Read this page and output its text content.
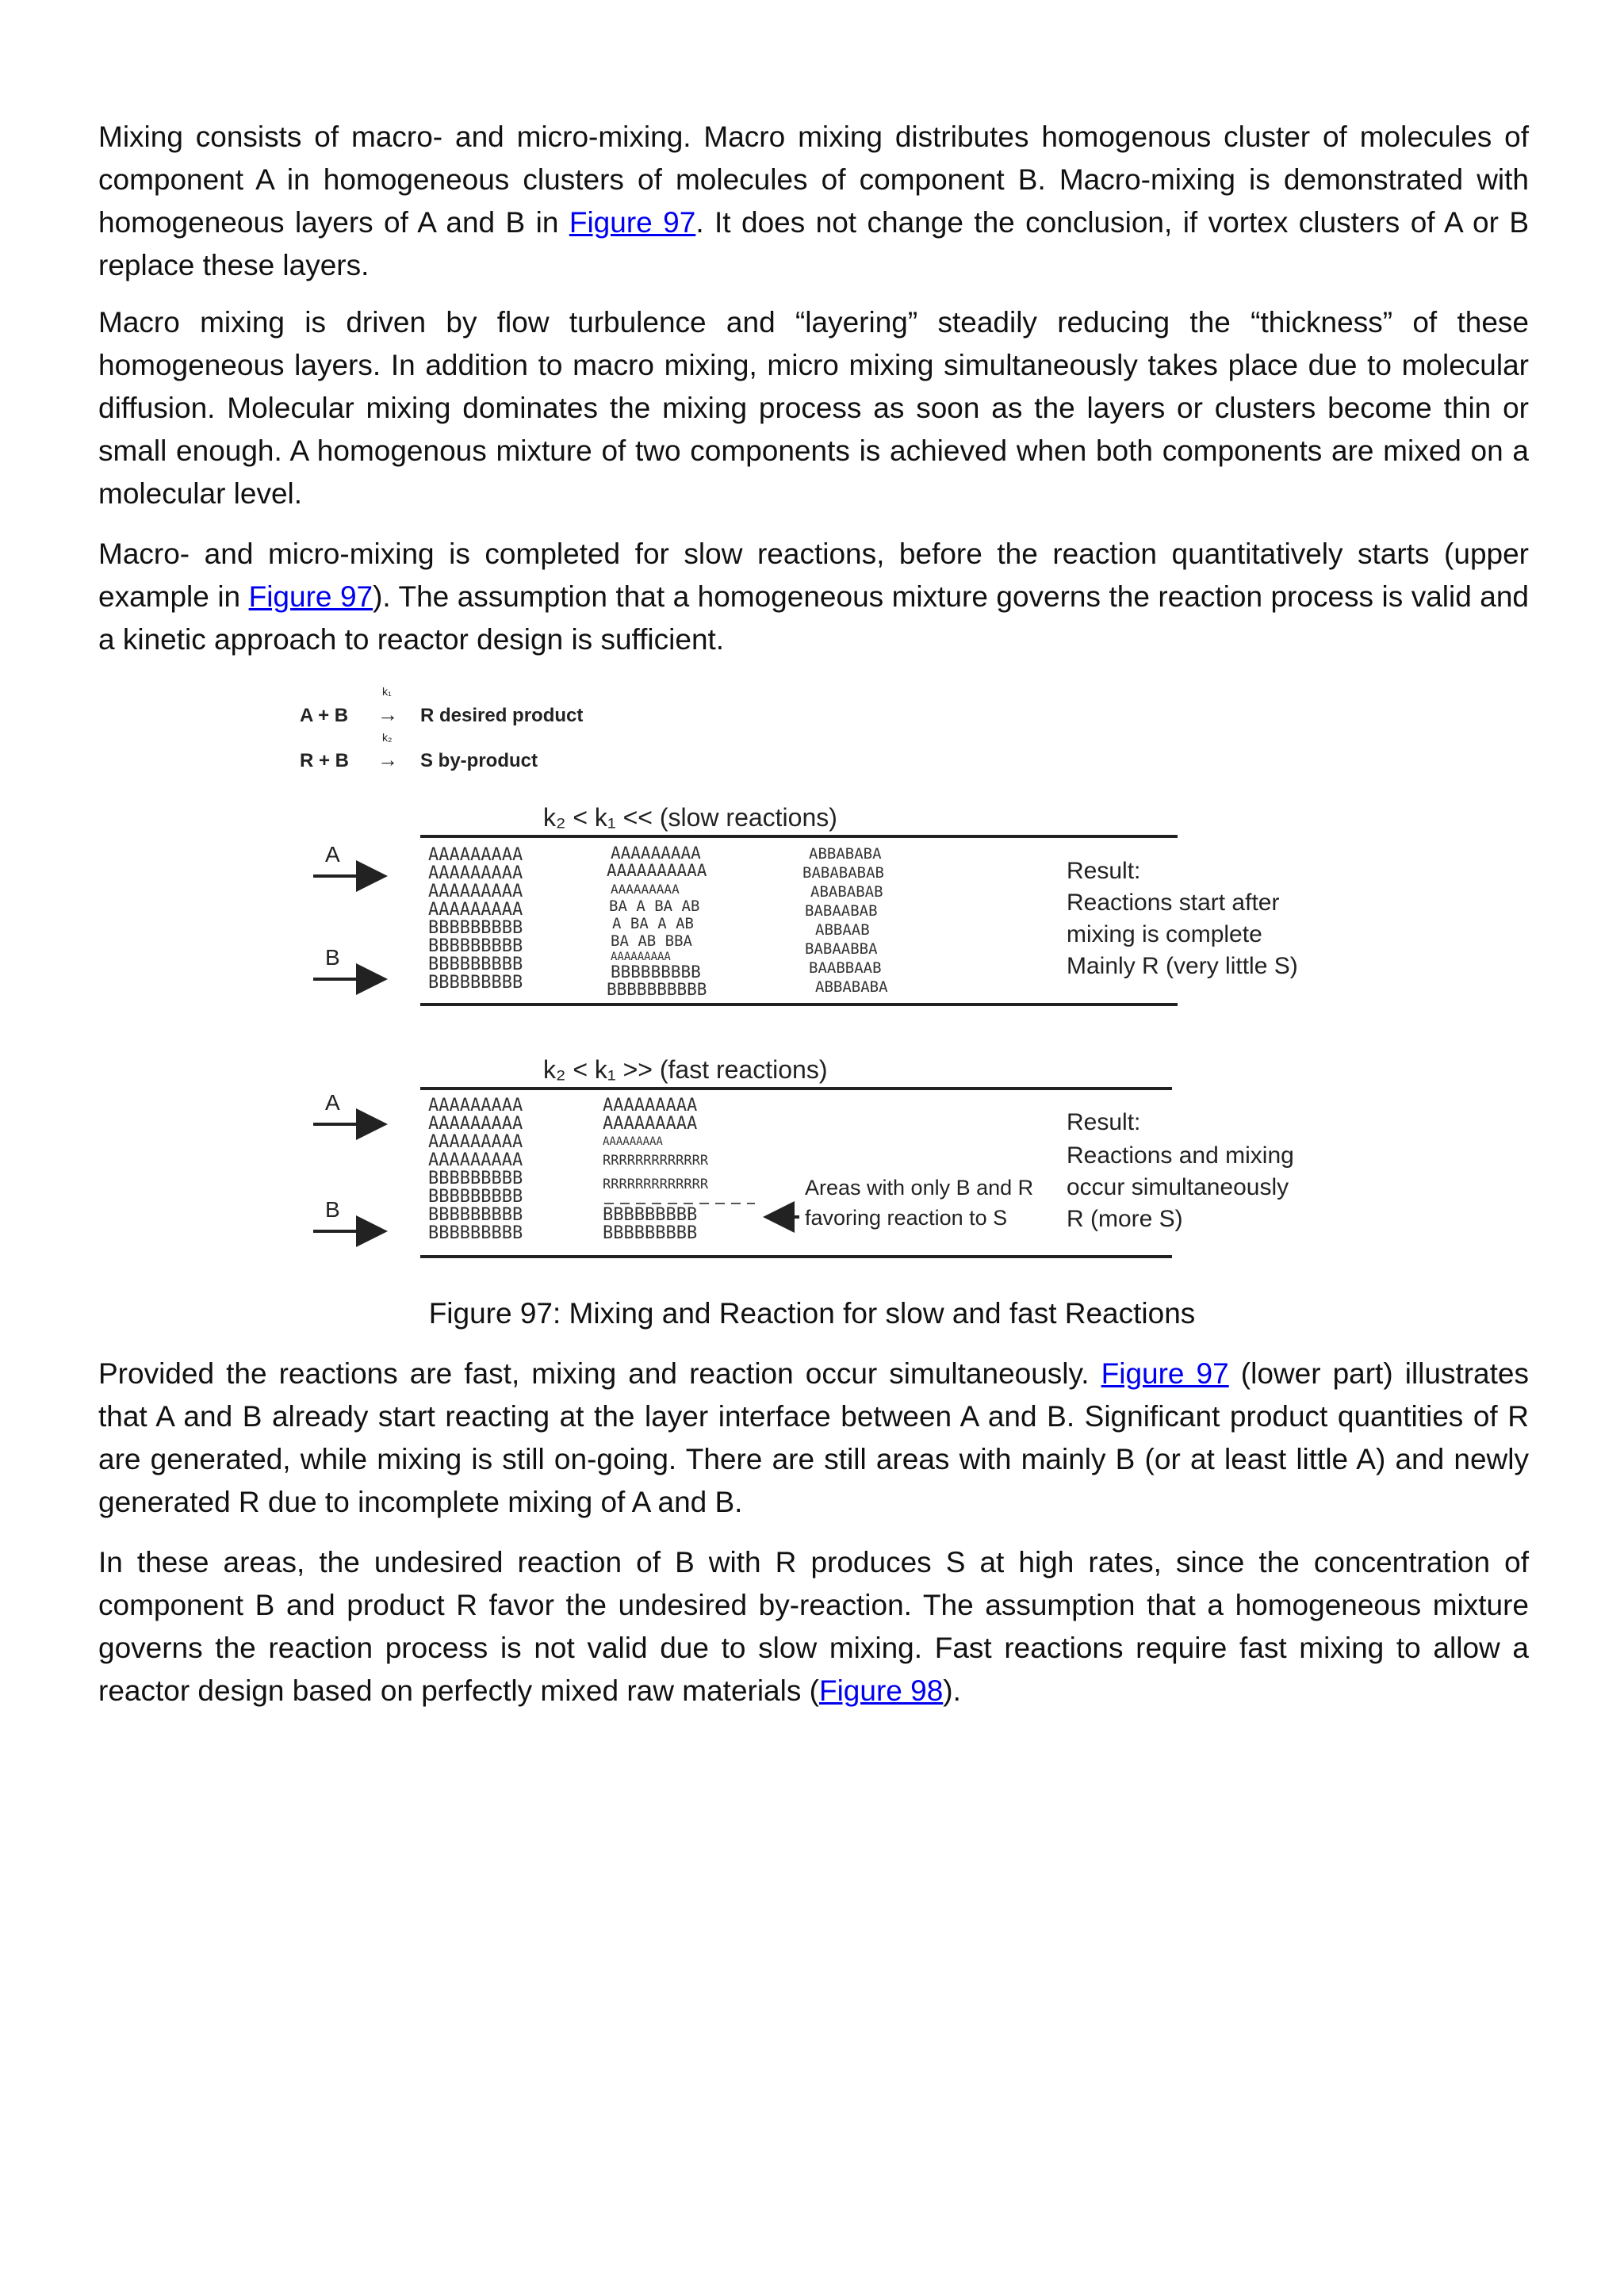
Mixing consists of macro- and micro-mixing. Macro mixing distributes homogenous cluster of molecules of component A in homogeneous clusters of molecules of component B. Macro-mixing is demonstrated with homogeneous layers of A and B in Figure 97. It does not change the conclusion, if vortex clusters of A or B replace these layers.

Macro mixing is driven by flow turbulence and “layering” steadily reducing the “thickness” of these homogeneous layers. In addition to macro mixing, micro mixing simultaneously takes place due to molecular diffusion. Molecular mixing dominates the mixing process as soon as the layers or clusters become thin or small enough. A homogenous mixture of two components is achieved when both components are mixed on a molecular level.

Macro- and micro-mixing is completed for slow reactions, before the reaction quantitatively starts (upper example in Figure 97). The assumption that a homogeneous mixture governs the reaction process is valid and a kinetic approach to reactor design is sufficient.

A + B
k₁
→ R desired product
R + B
k₂
→ S by-product
k₂ < k₁ << (slow reactions)
A
B
AAAAAAAAA
AAAAAAAAA
AAAAAAAAA
AAAAAAAAA
BBBBBBBBB
BBBBBBBBB
BBBBBBBBB
BBBBBBBBB
AAAAAAAAA
AAAAAAAAAA
AAAAAAAAA
BA A BA AB
A BA A AB
BA AB BBA
AAAAAAAAA
BBBBBBBBB
BBBBBBBBBB
ABBABABA
BABABABAB
ABABABAB
BABAABAB
ABBAAB
BABAABBA
BAABBAAB
ABBABABA
Result:
Reactions start after
mixing is complete
Mainly R (very little S)
k₂ < k₁ >> (fast reactions)
A
B
AAAAAAAAA
AAAAAAAAA
AAAAAAAAA
AAAAAAAAA
BBBBBBBBB
BBBBBBBBB
BBBBBBBBB
BBBBBBBBB
AAAAAAAAA
AAAAAAAAA
AAAAAAAAA
RRRRRRRRRRRRR
RRRRRRRRRRRRR
BBBBBBBBB
BBBBBBBBB
Areas with only B and R
favoring reaction to S
Result:
Reactions and mixing
occur simultaneously
R (more S)
Figure 97: Mixing and Reaction for slow and fast Reactions

Provided the reactions are fast, mixing and reaction occur simultaneously. Figure 97 (lower part) illustrates that A and B already start reacting at the layer interface between A and B. Significant product quantities of R are generated, while mixing is still on-going. There are still areas with mainly B (or at least little A) and newly generated R due to incomplete mixing of A and B.

In these areas, the undesired reaction of B with R produces S at high rates, since the concentration of component B and product R favor the undesired by-reaction. The assumption that a homogeneous mixture governs the reaction process is not valid due to slow mixing. Fast reactions require fast mixing to allow a reactor design based on perfectly mixed raw materials (Figure 98).
